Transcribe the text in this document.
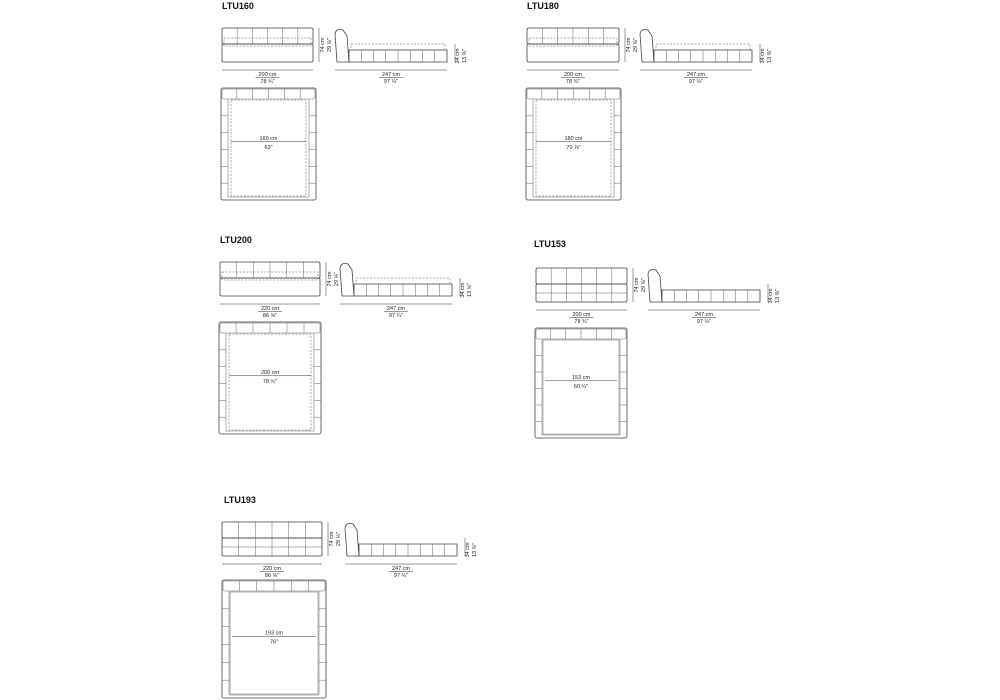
LTU160
74 cm 29 ⅛"
200 cm
78 ¾"
34 cm 13 ⅜"
247 cm
97 ¼"
160 cm
63"
LTU180
74 cm 29 ⅛"
200 cm
78 ¾"
34 cm 13 ⅜"
247 cm
97 ¼"
180 cm
70 ⅞"
LTU200
74 cm 29 ⅛"
220 cm
86 ⅝"
34 cm 13 ⅜"
247 cm
97 ¼"
200 cm
78 ¾"
LTU153
74 cm 29 ⅛"
200 cm
78 ¾"
34 cm 13 ⅜"
247 cm
97 ¼"
153 cm
60 ¼"
LTU193
74 cm 29 ⅛"
220 cm
86 ⅝"
34 cm 13 ⅜"
247 cm
97 ¼"
193 cm
76"
